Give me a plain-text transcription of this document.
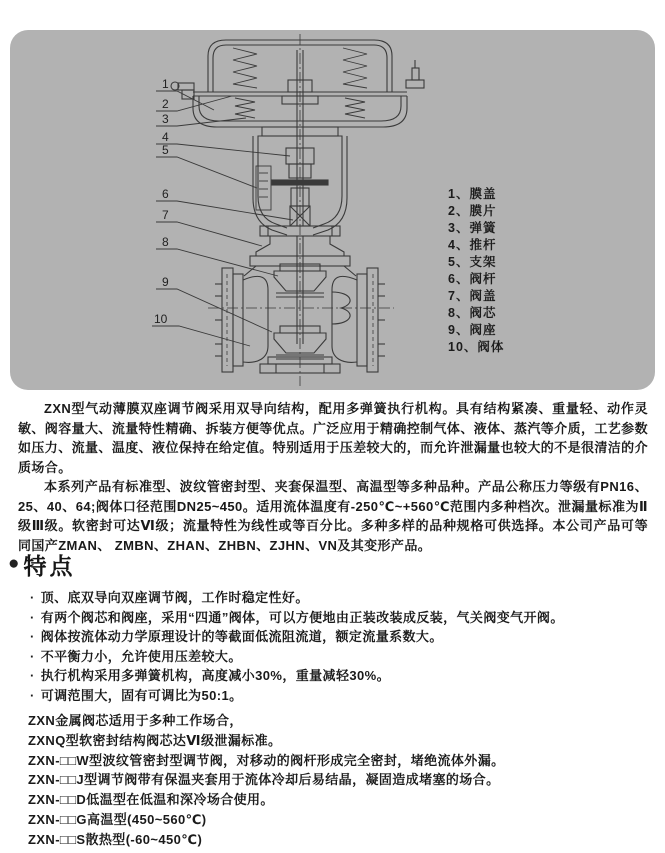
1
2
3
4
5
6
7
8
9
10
1、膜盖
2、膜片
3、弹簧
4、推杆
5、支架
6、阀杆
7、阀盖
8、阀芯
9、阀座
10、阀体

ZXN型气动薄膜双座调节阀采用双导向结构，配用多弹簧执行机构。具有结构紧凑、重量轻、动作灵敏、阀容量大、流量特性精确、拆装方便等优点。广泛应用于精确控制气体、液体、蒸汽等介质，工艺参数如压力、流量、温度、液位保持在给定值。特别适用于压差较大的，而允许泄漏量也较大的不是很清洁的介质场合。

本系列产品有标准型、波纹管密封型、夹套保温型、高温型等多种品种。产品公称压力等级有PN16、25、40、64;阀体口径范围DN25~450。适用流体温度有-250℃~+560℃范围内多种档次。泄漏量标准为Ⅱ级Ⅲ级。软密封可达Ⅵ级；流量特性为线性或等百分比。多种多样的品种规格可供选择。本公司产品可等同国产ZMAN、 ZMBN、ZHAN、ZHBN、ZJHN、VN及其变形产品。

● 特点
· 顶、底双导向双座调节阀，工作时稳定性好。
· 有两个阀芯和阀座，采用“四通”阀体，可以方便地由正装改装成反装，气关阀变气开阀。
· 阀体按流体动力学原理设计的等截面低流阻流道，额定流量系数大。
· 不平衡力小，允许使用压差较大。
· 执行机构采用多弹簧机构，高度减小30%，重量减轻30%。
· 可调范围大，固有可调比为50:1。
ZXN金属阀芯适用于多种工作场合，
ZXNQ型软密封结构阀芯达Ⅵ级泄漏标准。
ZXN-□□W型波纹管密封型调节阀，对移动的阀杆形成完全密封，堵绝流体外漏。
ZXN-□□J型调节阀带有保温夹套用于流体冷却后易结晶，凝固造成堵塞的场合。
ZXN-□□D低温型在低温和深冷场合使用。
ZXN-□□G高温型(450~560℃)
ZXN-□□S散热型(-60~450℃)
